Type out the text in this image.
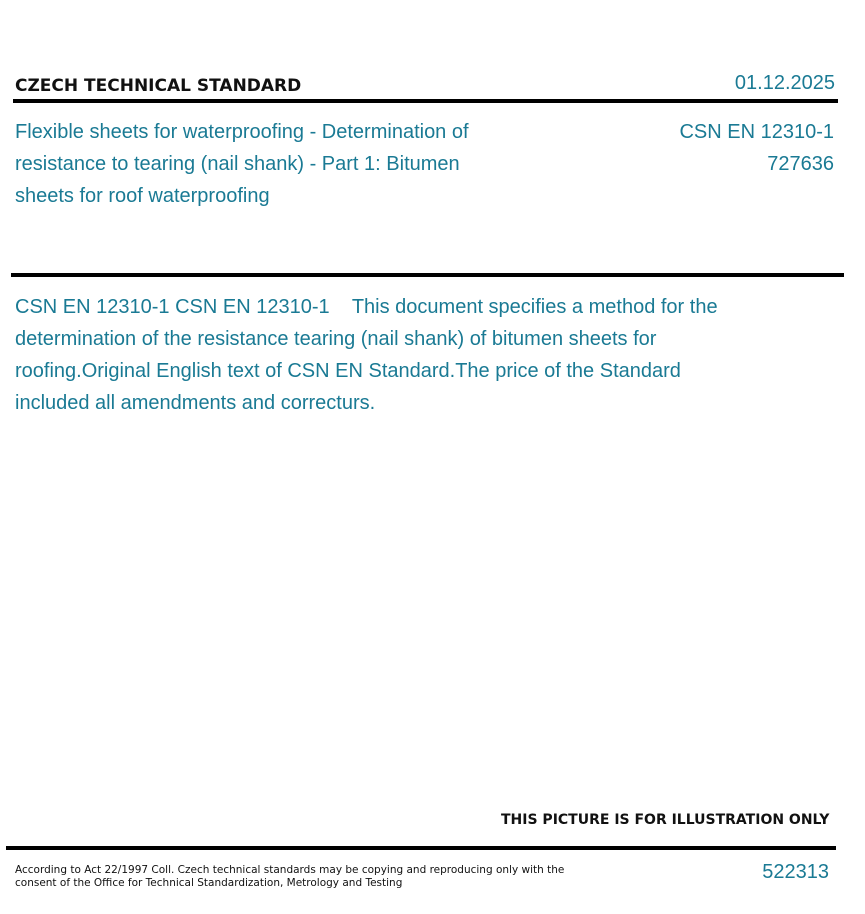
CZECH TECHNICAL STANDARD	01.12.2025
Flexible sheets for waterproofing - Determination of resistance to tearing (nail shank) - Part 1: Bitumen sheets for roof waterproofing
CSN EN 12310-1
727636
CSN EN 12310-1 CSN EN 12310-1    This document specifies a method for the determination of the resistance tearing (nail shank) of bitumen sheets for roofing.Original English text of CSN EN Standard.The price of the Standard included all amendments and correcturs.
THIS PICTURE IS FOR ILLUSTRATION ONLY
According to Act 22/1997 Coll. Czech technical standards may be copying and reproducing only with the consent of the Office for Technical Standardization, Metrology and Testing	522313
